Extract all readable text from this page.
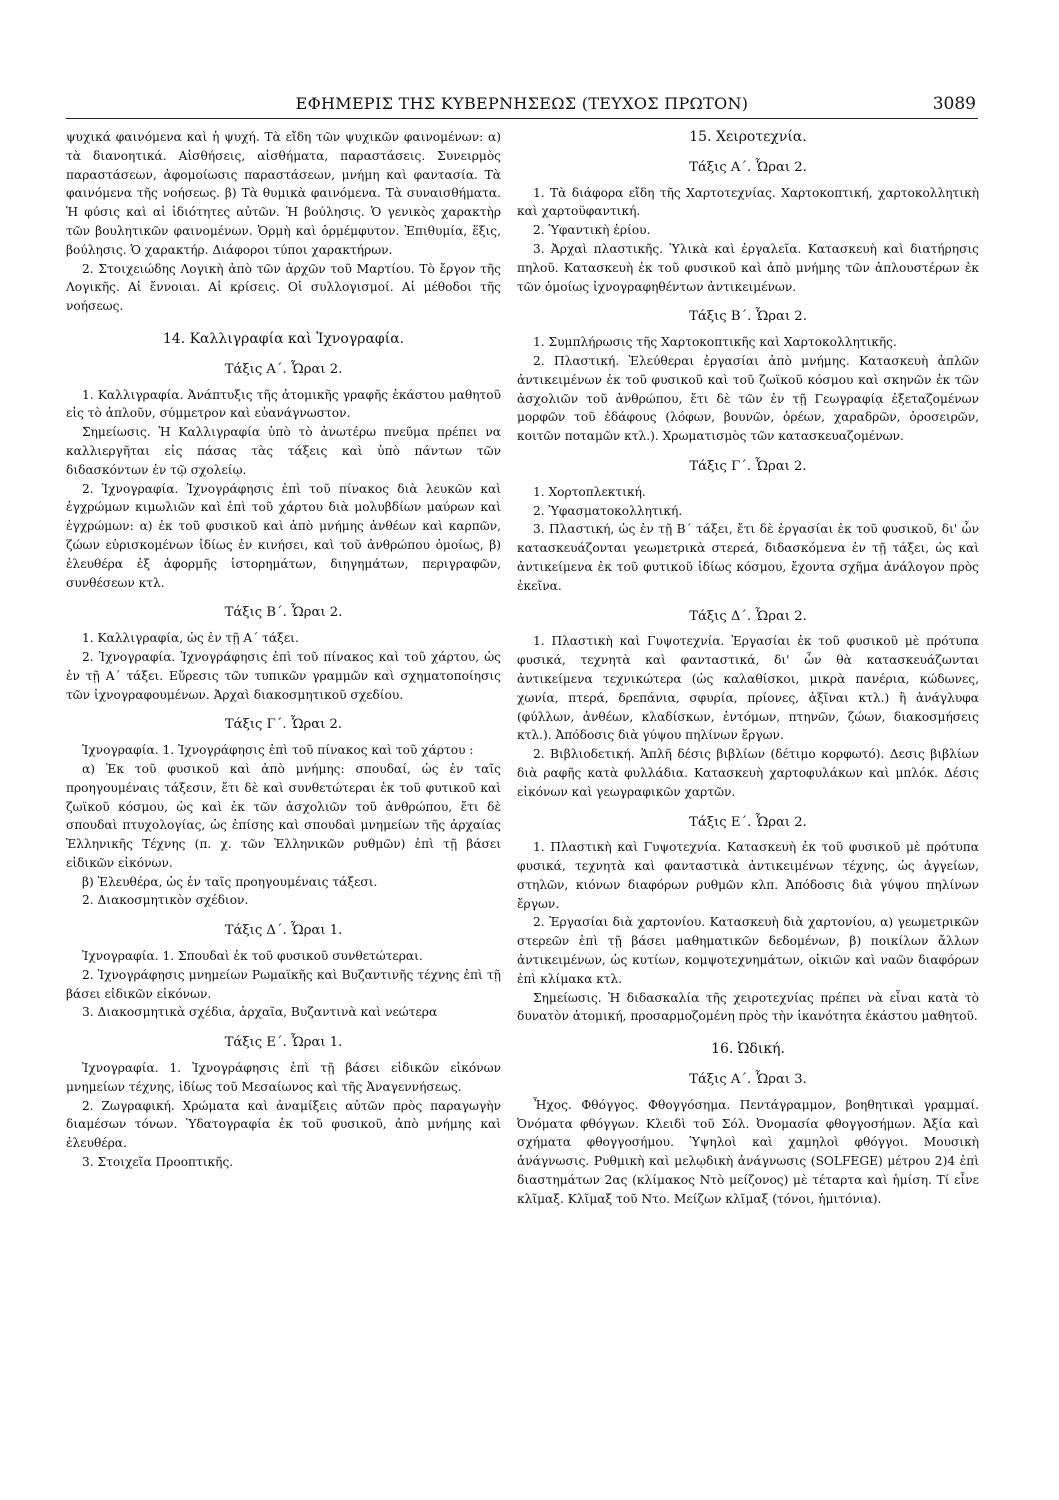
ΕΦΗΜΕΡΙΣ ΤΗΣ ΚΥΒΕΡΝΗΣΕΩΣ (ΤΕΥΧΟΣ ΠΡΩΤΟΝ)	3089

ψυχικά φαινόμενα καὶ ἡ ψυχή. Τὰ εἴδη τῶν ψυχικῶν φαινομένων: α) τὰ διανοητικά. Αἰσθήσεις, αἰσθήματα, παραστάσεις. Συνειρμὸς παραστάσεων, ἀφομοίωσις παραστάσεων, μνήμη καὶ φαντασία. Τὰ φαινόμενα τῆς νοήσεως. β) Τὰ θυμικὰ φαινόμενα. Τὰ συναισθήματα. Ἡ φύσις καὶ αἱ ἰδιότητες αὐτῶν. Ἡ βούλησις. Ὁ γενικὸς χαρακτὴρ τῶν βουλητικῶν φαινομένων. Ὁρμὴ καὶ ὁρμέμφυτον. Ἐπιθυμία, ἕξις, βούλησις. Ὁ χαρακτήρ. Διάφοροι τύποι χαρακτήρων.

2. Στοιχειώδης Λογικὴ ἀπὸ τῶν ἀρχῶν τοῦ Μαρτίου. Τὸ ἔργον τῆς Λογικῆς. Αἱ ἔννοιαι. Αἱ κρίσεις. Οἱ συλλογισμοί. Αἱ μέθοδοι τῆς νοήσεως.

14. Καλλιγραφία καὶ Ἰχνογραφία.
Τάξις Α΄. Ὧραι 2.

1. Καλλιγραφία. Ἀνάπτυξις τῆς ἀτομικῆς γραφῆς ἑκάστου μαθητοῦ εἰς τὸ ἁπλοῦν, σύμμετρον καὶ εὐανάγνωστον.

Σημείωσις. Ἡ Καλλιγραφία ὑπὸ τὸ ἀνωτέρω πνεῦμα πρέπει να καλλιεργῆται εἰς πάσας τὰς τάξεις καὶ ὑπὸ πάντων τῶν διδασκόντων ἐν τῷ σχολείῳ.

2. Ἰχνογραφία. Ἰχνογράφησις ἐπὶ τοῦ πίνακος διὰ λευκῶν καὶ ἐγχρώμων κιμωλιῶν καὶ ἐπὶ τοῦ χάρτου διὰ μολυβδίων μαύρων καὶ ἐγχρώμων: α) ἐκ τοῦ φυσικοῦ καὶ ἀπὸ μνήμης ἀνθέων καὶ καρπῶν, ζώων εὑρισκομένων ἰδίως ἐν κινήσει, καὶ τοῦ ἀνθρώπου ὁμοίως, β) ἐλευθέρα ἐξ ἀφορμῆς ἱστορημάτων, διηγημάτων, περιγραφῶν, συνθέσεων κτλ.

Τάξις Β΄. Ὧραι 2.

1. Καλλιγραφία, ὡς ἐν τῇ Α΄ τάξει.

2. Ἰχνογραφία. Ἰχνογράφησις ἐπὶ τοῦ πίνακος καὶ τοῦ χάρτου, ὡς ἐν τῇ Α΄ τάξει. Εὕρεσις τῶν τυπικῶν γραμμῶν καὶ σχηματοποίησις τῶν ἰχνογραφουμένων. Ἀρχαὶ διακοσμητικοῦ σχεδίου.

Τάξις Γ΄. Ὧραι 2.

Ἰχνογραφία. 1. Ἰχνογράφησις ἐπὶ τοῦ πίνακος καὶ τοῦ χάρτου :

α) Ἐκ τοῦ φυσικοῦ καὶ ἀπὸ μνήμης: σπουδαί, ὡς ἐν ταῖς προηγουμέναις τάξεσιν, ἔτι δὲ καὶ συνθετώτεραι ἐκ τοῦ φυτικοῦ καὶ ζωϊκοῦ κόσμου, ὡς καὶ ἐκ τῶν ἀσχολιῶν τοῦ ἀνθρώπου, ἔτι δὲ σπουδαὶ πτυχολογίας, ὡς ἐπίσης καὶ σπουδαὶ μνημείων τῆς ἀρχαίας Ἑλληνικῆς Τέχνης (π. χ. τῶν Ἑλληνικῶν ρυθμῶν) ἐπὶ τῇ βάσει εἰδικῶν εἰκόνων.

β) Ἐλευθέρα, ὡς ἐν ταῖς προηγουμέναις τάξεσι.

2. Διακοσμητικὸν σχέδιον.

Τάξις Δ΄. Ὧραι 1.

Ἰχνογραφία. 1. Σπουδαὶ ἐκ τοῦ φυσικοῦ συνθετώτεραι.

2. Ἰχνογράφησις μνημείων Ρωμαϊκῆς καὶ Βυζαντινῆς τέχνης ἐπὶ τῇ βάσει εἰδικῶν εἰκόνων.

3. Διακοσμητικὰ σχέδια, ἀρχαῖα, Βυζαντινὰ καὶ νεώτερα

Τάξις Ε΄. Ὧραι 1.

Ἰχνογραφία. 1. Ἰχνογράφησις ἐπὶ τῇ βάσει εἰδικῶν εἰκόνων μνημείων τέχνης, ἰδίως τοῦ Μεσαίωνος καὶ τῆς Ἀναγεννήσεως.

2. Ζωγραφική. Χρώματα καὶ ἀναμίξεις αὐτῶν πρὸς παραγωγὴν διαμέσων τόνων. Ὑδατογραφία ἐκ τοῦ φυσικοῦ, ἀπὸ μνήμης καὶ ἐλευθέρα.

3. Στοιχεῖα Προοπτικῆς.

15. Χειροτεχνία.
Τάξις Α΄. Ὧραι 2.

1. Τὰ διάφορα εἴδη τῆς Χαρτοτεχνίας. Χαρτοκοπτική, χαρτοκολλητικὴ καὶ χαρτοϋφαντική.

2. Ὑφαντικὴ ἐρίου.

3. Ἀρχαὶ πλαστικῆς. Ὑλικὰ καὶ ἐργαλεῖα. Κατασκευὴ καὶ διατήρησις πηλοῦ. Κατασκευὴ ἐκ τοῦ φυσικοῦ καὶ ἀπὸ μνήμης τῶν ἁπλουστέρων ἐκ τῶν ὁμοίως ἰχνογραφηθέντων ἀντικειμένων.

Τάξις Β΄. Ὧραι 2.

1. Συμπλήρωσις τῆς Χαρτοκοπτικῆς καὶ Χαρτοκολλητικῆς.

2. Πλαστική. Ἐλεύθεραι ἐργασίαι ἀπὸ μνήμης. Κατασκευὴ ἁπλῶν ἀντικειμένων ἐκ τοῦ φυσικοῦ καὶ τοῦ ζωϊκοῦ κόσμου καὶ σκηνῶν ἐκ τῶν ἀσχολιῶν τοῦ ἀνθρώπου, ἔτι δὲ τῶν ἐν τῇ Γεωγραφίᾳ ἐξεταζομένων μορφῶν τοῦ ἐδάφους (λόφων, βουνῶν, ὀρέων, χαραδρῶν, ὀροσειρῶν, κοιτῶν ποταμῶν κτλ.). Χρωματισμὸς τῶν κατασκευαζομένων.

Τάξις Γ΄. Ὧραι 2.

1. Χορτοπλεκτική.

2. Ὑφασματοκολλητική.

3. Πλαστική, ὡς ἐν τῇ Β΄ τάξει, ἔτι δὲ ἐργασίαι ἐκ τοῦ φυσικοῦ, δι' ὧν κατασκευάζονται γεωμετρικὰ στερεά, διδασκόμενα ἐν τῇ τάξει, ὡς καὶ ἀντικείμενα ἐκ τοῦ φυτικοῦ ἰδίως κόσμου, ἔχοντα σχῆμα ἀνάλογον πρὸς ἐκεῖνα.

Τάξις Δ΄. Ὧραι 2.

1. Πλαστικὴ καὶ Γυψοτεχνία. Ἐργασίαι ἐκ τοῦ φυσικοῦ μὲ πρότυπα φυσικά, τεχνητὰ καὶ φανταστικά, δι' ὧν θὰ κατασκευάζωνται ἀντικείμενα τεχνικώτερα (ὡς καλαθίσκοι, μικρὰ πανέρια, κώδωνες, χωνία, πτερά, δρεπάνια, σφυρία, πρίονες, ἀξῖναι κτλ.) ἢ ἀνάγλυφα (φύλλων, ἀνθέων, κλαδίσκων, ἐντόμων, πτηνῶν, ζώων, διακοσμήσεις κτλ.). Ἀπόδοσις διὰ γύψου πηλίνων ἔργων.

2. Βιβλιοδετική. Ἁπλῆ δέσις βιβλίων (δέτιμο κορφωτό). Δεσις βιβλίων διὰ ραφῆς κατὰ φυλλάδια. Κατασκευὴ χαρτοφυλάκων καὶ μπλόκ. Δέσις εἰκόνων καὶ γεωγραφικῶν χαρτῶν.

Τάξις Ε΄. Ὧραι 2.

1. Πλαστικὴ καὶ Γυψοτεχνία. Κατασκευὴ ἐκ τοῦ φυσικοῦ μὲ πρότυπα φυσικά, τεχνητὰ καὶ φανταστικὰ ἀντικειμένων τέχνης, ὡς ἀγγείων, στηλῶν, κιόνων διαφόρων ρυθμῶν κλπ. Ἀπόδοσις διὰ γύψου πηλίνων ἔργων.

2. Ἐργασίαι διὰ χαρτονίου. Κατασκευὴ διὰ χαρτονίου, α) γεωμετρικῶν στερεῶν ἐπὶ τῇ βάσει μαθηματικῶν δεδομένων, β) ποικίλων ἄλλων ἀντικειμένων, ὡς κυτίων, κομψοτεχνημάτων, οἰκιῶν καὶ ναῶν διαφόρων ἐπὶ κλίμακα κτλ.

Σημείωσις. Ἡ διδασκαλία τῆς χειροτεχνίας πρέπει νὰ εἶναι κατὰ τὸ δυνατὸν ἀτομική, προσαρμοζομένη πρὸς τὴν ἱκανότητα ἑκάστου μαθητοῦ.

16. Ὠδική.
Τάξις Α΄. Ὧραι 3.

Ἦχος. Φθόγγος. Φθογγόσημα. Πεντάγραμμον, βοηθητικαὶ γραμμαί. Ὀνόματα φθόγγων. Κλειδὶ τοῦ Σόλ. Ὀνομασία φθογγοσήμων. Ἀξία καὶ σχήματα φθογγοσήμου. Ὑψηλοὶ καὶ χαμηλοὶ φθόγγοι. Μουσικὴ ἀνάγνωσις. Ρυθμικὴ καὶ μελῳδικὴ ἀνάγνωσις (SOLFEGE) μέτρου 2)4 ἐπὶ διαστημάτων 2ας (κλίμακος Ντὸ μείζονος) μὲ τέταρτα καὶ ἡμίση. Τί εἶνε κλῖμαξ. Κλῖμαξ τοῦ Ντο. Μείζων κλῖμαξ (τόνοι, ἡμιτόνια).
